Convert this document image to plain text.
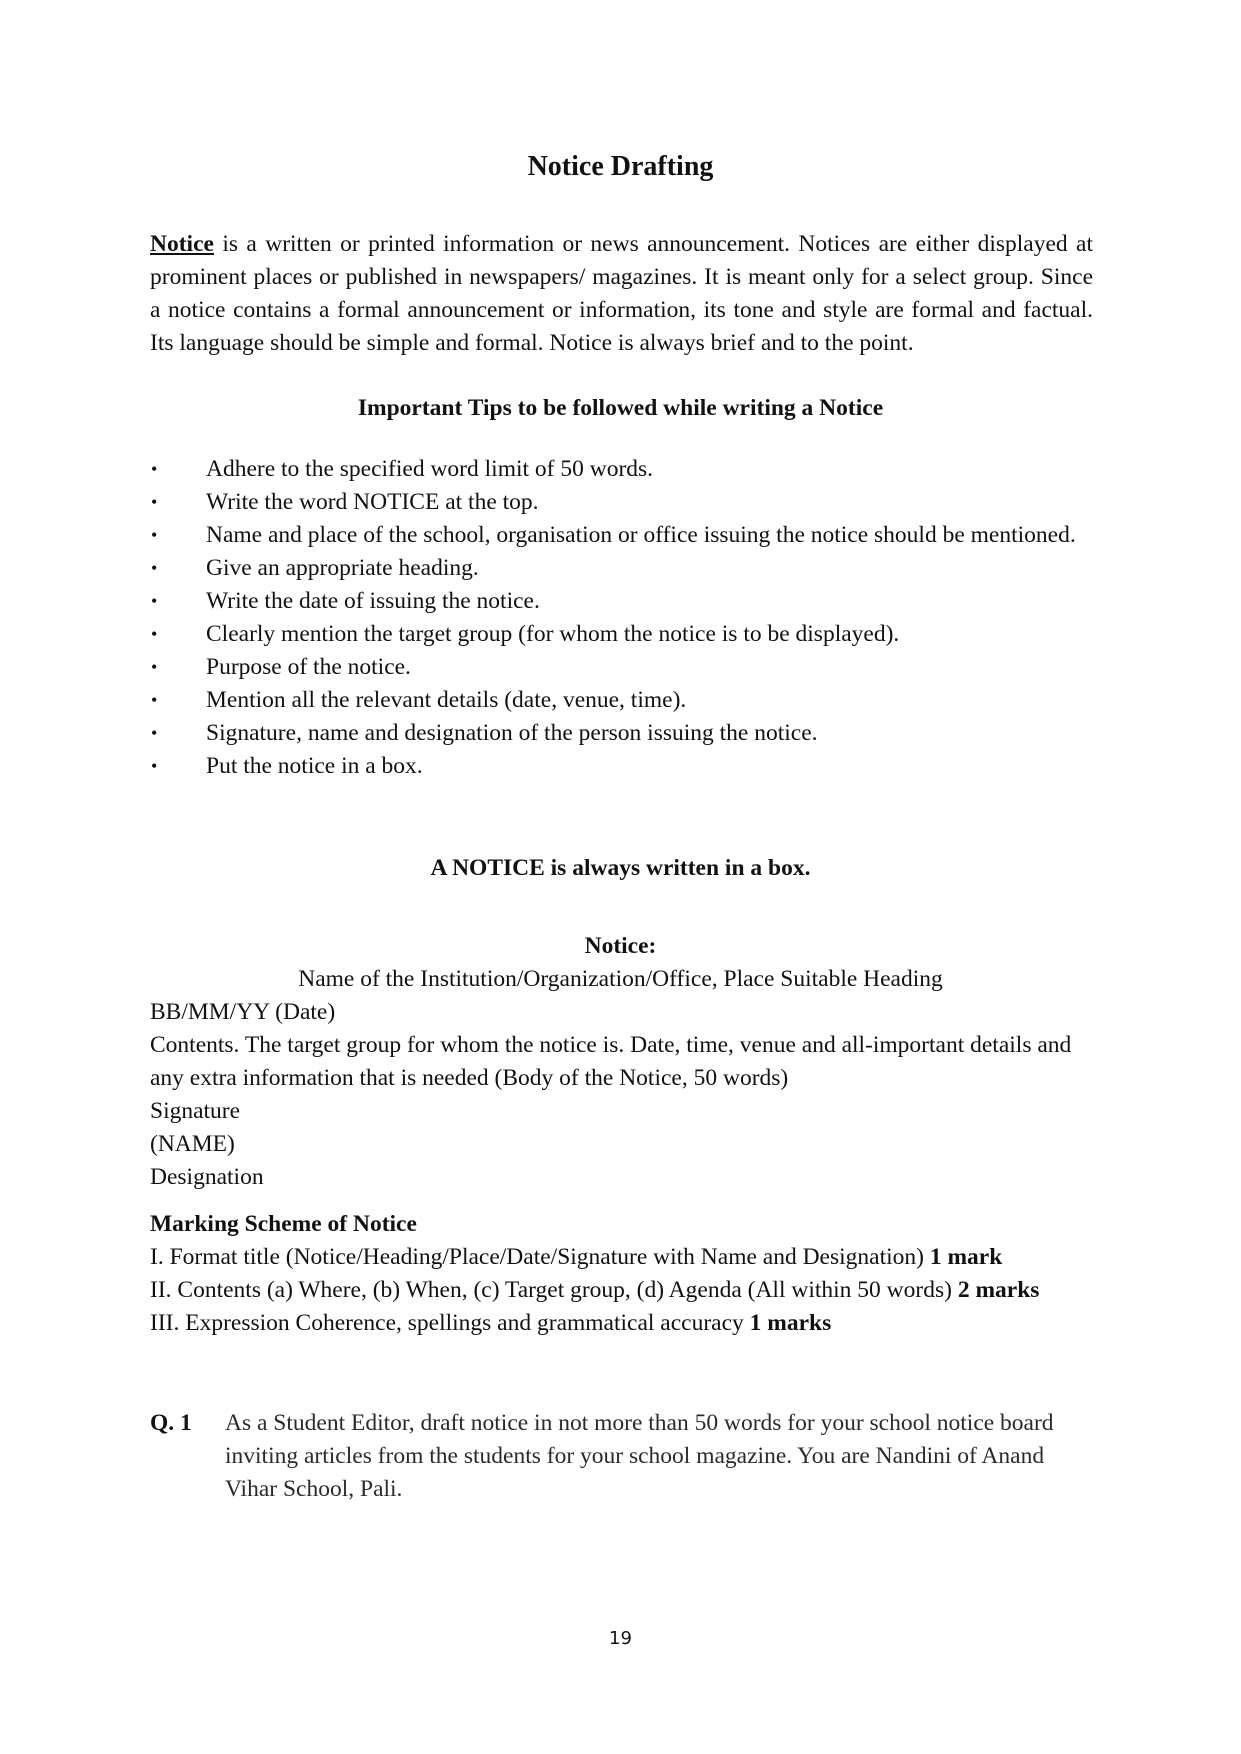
Notice Drafting

Notice is a written or printed information or news announcement. Notices are either displayed at prominent places or published in newspapers/ magazines. It is meant only for a select group. Since a notice contains a formal announcement or information, its tone and style are formal and factual. Its language should be simple and formal. Notice is always brief and to the point.

Important Tips to be followed while writing a Notice
• Adhere to the specified word limit of 50 words.
• Write the word NOTICE at the top.
• Name and place of the school, organisation or office issuing the notice should be mentioned.
• Give an appropriate heading.
• Write the date of issuing the notice.
• Clearly mention the target group (for whom the notice is to be displayed).
• Purpose of the notice.
• Mention all the relevant details (date, venue, time).
• Signature, name and designation of the person issuing the notice.
• Put the notice in a box.
A NOTICE is always written in a box.
Notice:
Name of the Institution/Organization/Office, Place Suitable Heading
BB/MM/YY (Date)
Contents. The target group for whom the notice is. Date, time, venue and all-important details and any extra information that is needed (Body of the Notice, 50 words)
Signature
(NAME)
Designation
Marking Scheme of Notice
I. Format title (Notice/Heading/Place/Date/Signature with Name and Designation) 1 mark
II. Contents (a) Where, (b) When, (c) Target group, (d) Agenda (All within 50 words) 2 marks
III. Expression Coherence, spellings and grammatical accuracy 1 marks
Q. 1 As a Student Editor, draft notice in not more than 50 words for your school notice board inviting articles from the students for your school magazine. You are Nandini of Anand Vihar School, Pali.
19
